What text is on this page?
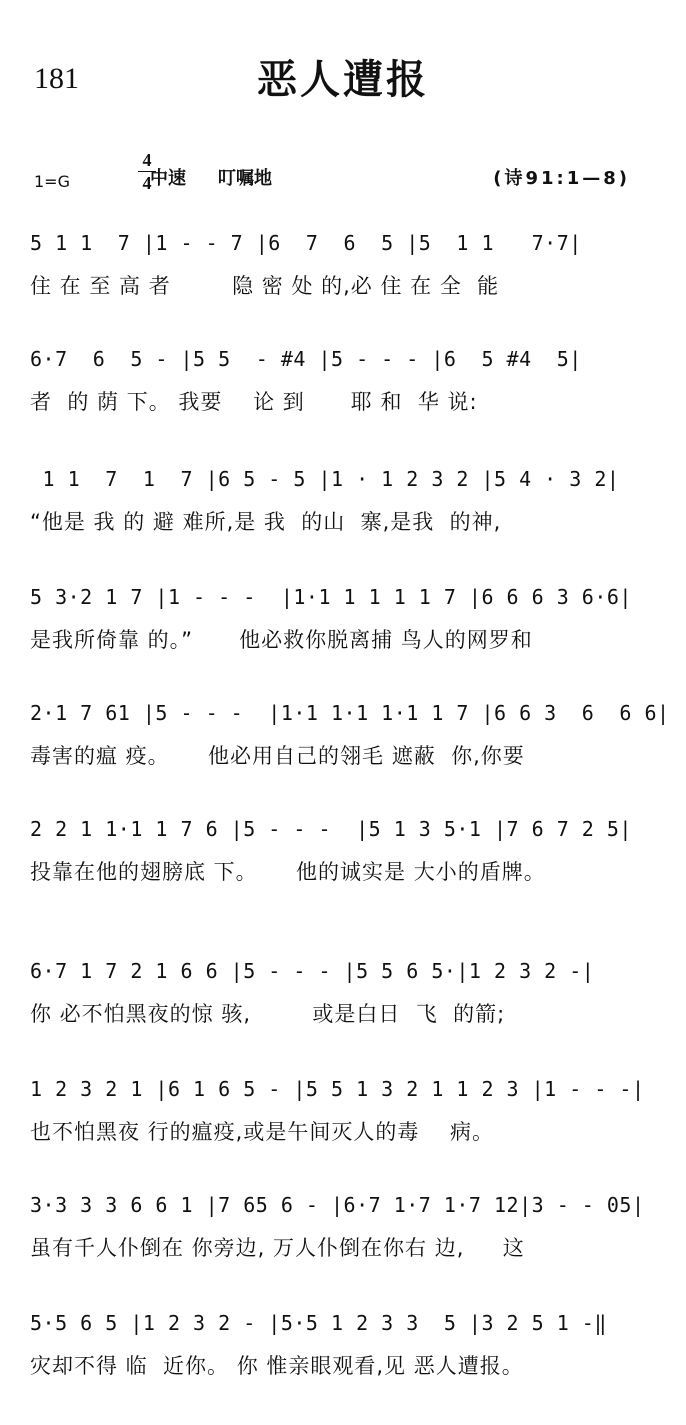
181	恶人遭报
1=G
4
4
中速 叮嘱地	(诗91:1—8)
5 1 1  7 |1 - - 7 |6  7  6  5 |5  1 1   7·7|
住 在 至 高 者        隐 密 处 的,必 住 在 全  能
6·7  6  5 - |5 5  - #4 |5 - - - |6  5 #4  5|
者  的 荫 下。 我要    论 到      耶 和  华 说:
1 1  7  1  7 |6 5 - 5 |1 · 1 2 3 2 |5 4 · 3 2|
“他是 我 的 避 难所,是 我  的山  寨,是我  的神,
5 3·2 1 7 |1 - - -  |1·1 1 1 1 1 7 |6 6 6 3 6·6|
是我所倚靠 的。”      他必救你脱离捕 鸟人的网罗和
2·1 7 61 |5 - - -  |1·1 1·1 1·1 1 7 |6 6 3  6  6 6|
毒害的瘟 疫。     他必用自己的翎毛 遮蔽  你,你要
2 2 1 1·1 1 7 6 |5 - - -  |5 1 3 5·1 |7 6 7 2 5|
投靠在他的翅膀底 下。     他的诚实是 大小的盾牌。
6·7 1 7 2 1 6 6 |5 - - - |5 5 6 5·|1 2 3 2 -|
你 必不怕黑夜的惊 骇,        或是白日  飞  的箭;
1 2 3 2 1 |6 1 6 5 - |5 5 1 3 2 1 1 2 3 |1 - - -|
也不怕黑夜 行的瘟疫,或是午间灭人的毒    病。
3·3 3 3 6 6 1 |7 65 6 - |6·7 1·7 1·7 12|3 - - 05|
虽有千人仆倒在 你旁边, 万人仆倒在你右 边,     这
5·5 6 5 |1 2 3 2 - |5·5 1 2 3 3  5 |3 2 5 1 -‖
灾却不得 临  近你。 你 惟亲眼观看,见 恶人遭报。
